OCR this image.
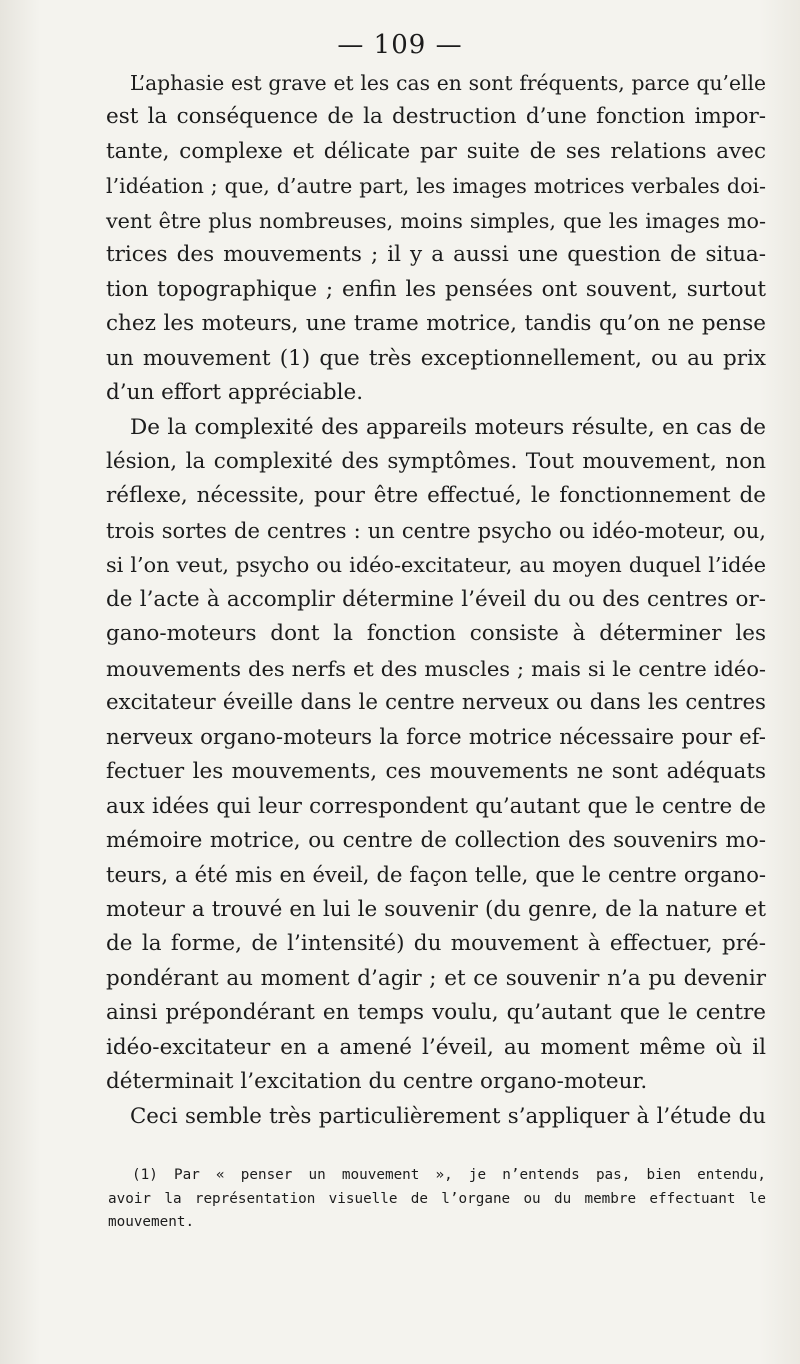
— 109 —

L’aphasie est grave et les cas en sont fréquents, parce qu’elle
est la conséquence de la destruction d’une fonction impor-
tante, complexe et délicate par suite de ses relations avec
l’idéation ; que, d’autre part, les images motrices verbales doi-
vent être plus nombreuses, moins simples, que les images mo-
trices des mouvements ; il y a aussi une question de situa-
tion topographique ; enfin les pensées ont souvent, surtout
chez les moteurs, une trame motrice, tandis qu’on ne pense
un mouvement (1) que très exceptionnellement, ou au prix
d’un effort appréciable.

De la complexité des appareils moteurs résulte, en cas de
lésion, la complexité des symptômes. Tout mouvement, non
réflexe, nécessite, pour être effectué, le fonctionnement de
trois sortes de centres : un centre psycho ou idéo-moteur, ou,
si l’on veut, psycho ou idéo-excitateur, au moyen duquel l’idée
de l’acte à accomplir détermine l’éveil du ou des centres or-
gano-moteurs dont la fonction consiste à déterminer les
mouvements des nerfs et des muscles ; mais si le centre idéo-
excitateur éveille dans le centre nerveux ou dans les centres
nerveux organo-moteurs la force motrice nécessaire pour ef-
fectuer les mouvements, ces mouvements ne sont adéquats
aux idées qui leur correspondent qu’autant que le centre de
mémoire motrice, ou centre de collection des souvenirs mo-
teurs, a été mis en éveil, de façon telle, que le centre organo-
moteur a trouvé en lui le souvenir (du genre, de la nature et
de la forme, de l’intensité) du mouvement à effectuer, pré-
pondérant au moment d’agir ; et ce souvenir n’a pu devenir
ainsi prépondérant en temps voulu, qu’autant que le centre
idéo-excitateur en a amené l’éveil, au moment même où il
déterminait l’excitation du centre organo-moteur.

Ceci semble très particulièrement s’appliquer à l’étude du

(1) Par « penser un mouvement », je n’entends pas, bien entendu,
avoir la représentation visuelle de l’organe ou du membre effectuant le
mouvement.
